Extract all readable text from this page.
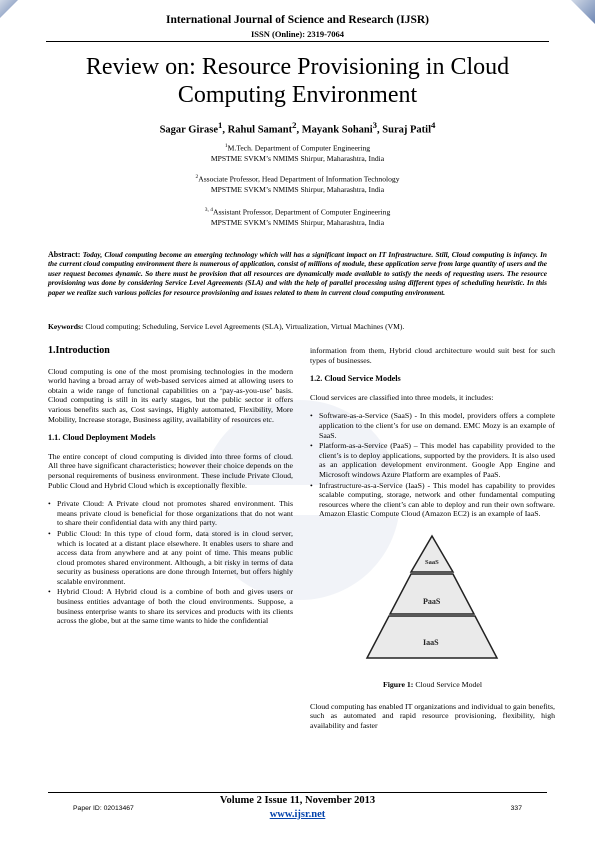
International Journal of Science and Research (IJSR)
ISSN (Online): 2319-7064
Review on: Resource Provisioning in Cloud
Computing Environment
Sagar Girase$^1$, Rahul Samant$^2$, Mayank Sohani$^3$, Suraj Patil$^4$
$^1$M.Tech. Department of Computer Engineering
MPSTME SVKM’s NMIMS Shirpur, Maharashtra, India
$^2$Associate Professor, Head Department of Information Technology
MPSTME SVKM’s NMIMS Shirpur, Maharashtra, India
$^{3, 4}$Assistant Professor, Department of Computer Engineering
MPSTME SVKM’s NMIMS Shirpur, Maharashtra, India
Abstract: Today, Cloud computing become an emerging technology which will has a significant impact on IT Infrastructure. Still, Cloud computing is infancy. In the current cloud computing environment there is numerous of application, consist of millions of module, these application serve from large quantity of users and the user request becomes dynamic. So there must be provision that all resources are dynamically made available to satisfy the needs of requesting users. The resource provisioning was done by considering Service Level Agreements (SLA) and with the help of parallel processing using different types of scheduling heuristic. In this paper we realize such various policies for resource provisioning and issues related to them in current cloud computing environment.
Keywords: Cloud computing; Scheduling, Service Level Agreements (SLA), Virtualization, Virtual Machines (VM).
1.Introduction
Cloud computing is one of the most promising technologies in the modern world having a broad array of web-based services aimed at allowing users to obtain a wide range of functional capabilities on a ‘pay-as-you-use’ basis. Cloud computing is still in its early stages, but the public sector it offers various benefits such as, Cost savings, Highly automated, Flexibility, More Mobility, Increase storage, Business agility, availability of resources etc.
1.1. Cloud Deployment Models
The entire concept of cloud computing is divided into three forms of cloud. All three have significant characteristics; however their choice depends on the personal requirements of business environment. These include Private Cloud, Public Cloud and Hybrid Cloud which is exceptionally flexible.
• Private Cloud: A Private cloud not promotes shared environment. This means private cloud is beneficial for those organizations that do not want to share their confidential data with any third party.
• Public Cloud: In this type of cloud form, data stored is in cloud server, which is located at a distant place elsewhere. It enables users to share and access data from anywhere and at any point of time. This means public cloud promotes shared environment. Although, a bit risky in terms of data security as business operations are done through Internet, but offers highly scalable environment.
• Hybrid Cloud: A Hybrid cloud is a combine of both and gives users or business entities advantage of both the cloud environments. Suppose, a business enterprise wants to share its services and products with its clients across the globe, but at the same time wants to hide the confidential
information from them, Hybrid cloud architecture would suit best for such types of businesses.
1.2. Cloud Service Models
Cloud services are classified into three models, it includes:
• Software-as-a-Service (SaaS) - In this model, providers offers a complete application to the client’s for use on demand. EMC Mozy is an example of SaaS.
• Platform-as-a-Service (PaaS) – This model has capability provided to the client’s is to deploy applications, supported by the providers. It is also used as an application development environment. Google App Engine and Microsoft windows Azure Platform are examples of PaaS.
• Infrastructure-as-a-Service (IaaS) - This model has capability to provides scalable computing, storage, network and other fundamental computing resources where the client’s can able to deploy and run their own software. Amazon Elastic Compute Cloud (Amazon EC2) is an example of IaaS.
SaaS
PaaS
IaaS
Figure 1: Cloud Service Model
Cloud computing has enabled IT organizations and individual to gain benefits, such as automated and rapid resource provisioning, flexibility, high availability and faster
Volume 2 Issue 11, November 2013
www.ijsr.net
Paper ID: 02013467	337
